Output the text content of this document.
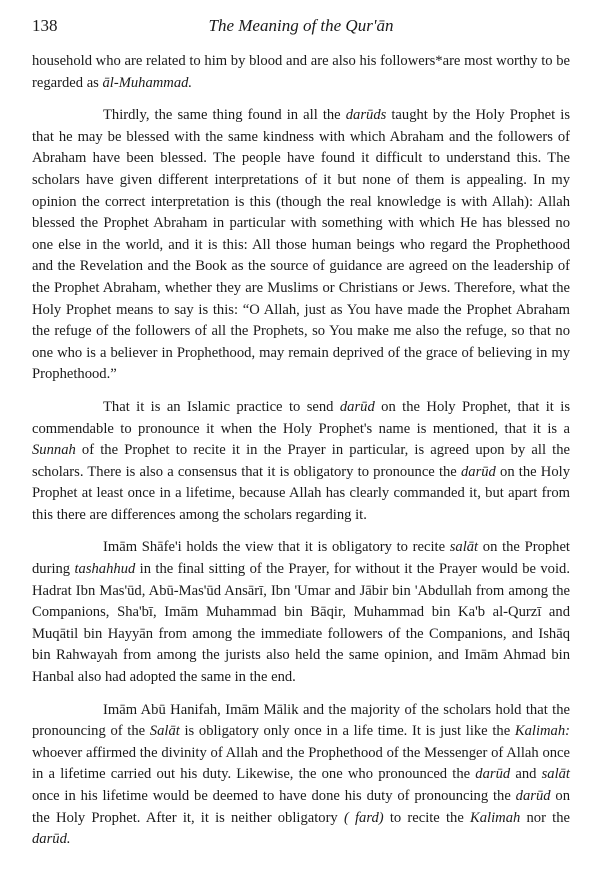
138	The Meaning of the Qur'ān

household who are related to him by blood and are also his followers*are most worthy to be regarded as āl-Muhammad.

Thirdly, the same thing found in all the darūds taught by the Holy Prophet is that he may be blessed with the same kindness with which Abraham and the followers of Abraham have been blessed. The people have found it difficult to understand this. The scholars have given different interpretations of it but none of them is appealing. In my opinion the correct interpretation is this (though the real knowledge is with Allah): Allah blessed the Prophet Abraham in particular with something with which He has blessed no one else in the world, and it is this: All those human beings who regard the Prophethood and the Revelation and the Book as the source of guidance are agreed on the leadership of the Prophet Abraham, whether they are Muslims or Christians or Jews. Therefore, what the Holy Prophet means to say is this: “O Allah, just as You have made the Prophet Abraham the refuge of the followers of all the Prophets, so You make me also the refuge, so that no one who is a believer in Prophethood, may remain deprived of the grace of believing in my Prophethood.”

That it is an Islamic practice to send darūd on the Holy Prophet, that it is commendable to pronounce it when the Holy Prophet's name is mentioned, that it is a Sunnah of the Prophet to recite it in the Prayer in particular, is agreed upon by all the scholars. There is also a consensus that it is obligatory to pronounce the darūd on the Holy Prophet at least once in a lifetime, because Allah has clearly commanded it, but apart from this there are differences among the scholars regarding it.

Imām Shāfe'i holds the view that it is obligatory to recite salāt on the Prophet during tashahhud in the final sitting of the Prayer, for without it the Prayer would be void. Hadrat Ibn Mas'ūd, Abū-Mas'ūd Ansārī, Ibn 'Umar and Jābir bin 'Abdullah from among the Companions, Sha'bī, Imām Muhammad bin Bāqir, Muhammad bin Ka'b al-Qurzī and Muqātil bin Hayyān from among the immediate followers of the Companions, and Ishāq bin Rahwayah from among the jurists also held the same opinion, and Imām Ahmad bin Hanbal also had adopted the same in the end.

Imām Abū Hanifah, Imām Mālik and the majority of the scholars hold that the pronouncing of the Salāt is obligatory only once in a life time. It is just like the Kalimah: whoever affirmed the divinity of Allah and the Prophethood of the Messenger of Allah once in a lifetime carried out his duty. Likewise, the one who pronounced the darūd and salāt once in his lifetime would be deemed to have done his duty of pronouncing the darūd on the Holy Prophet. After it, it is neither obligatory ( fard) to recite the Kalimah nor the darūd.
